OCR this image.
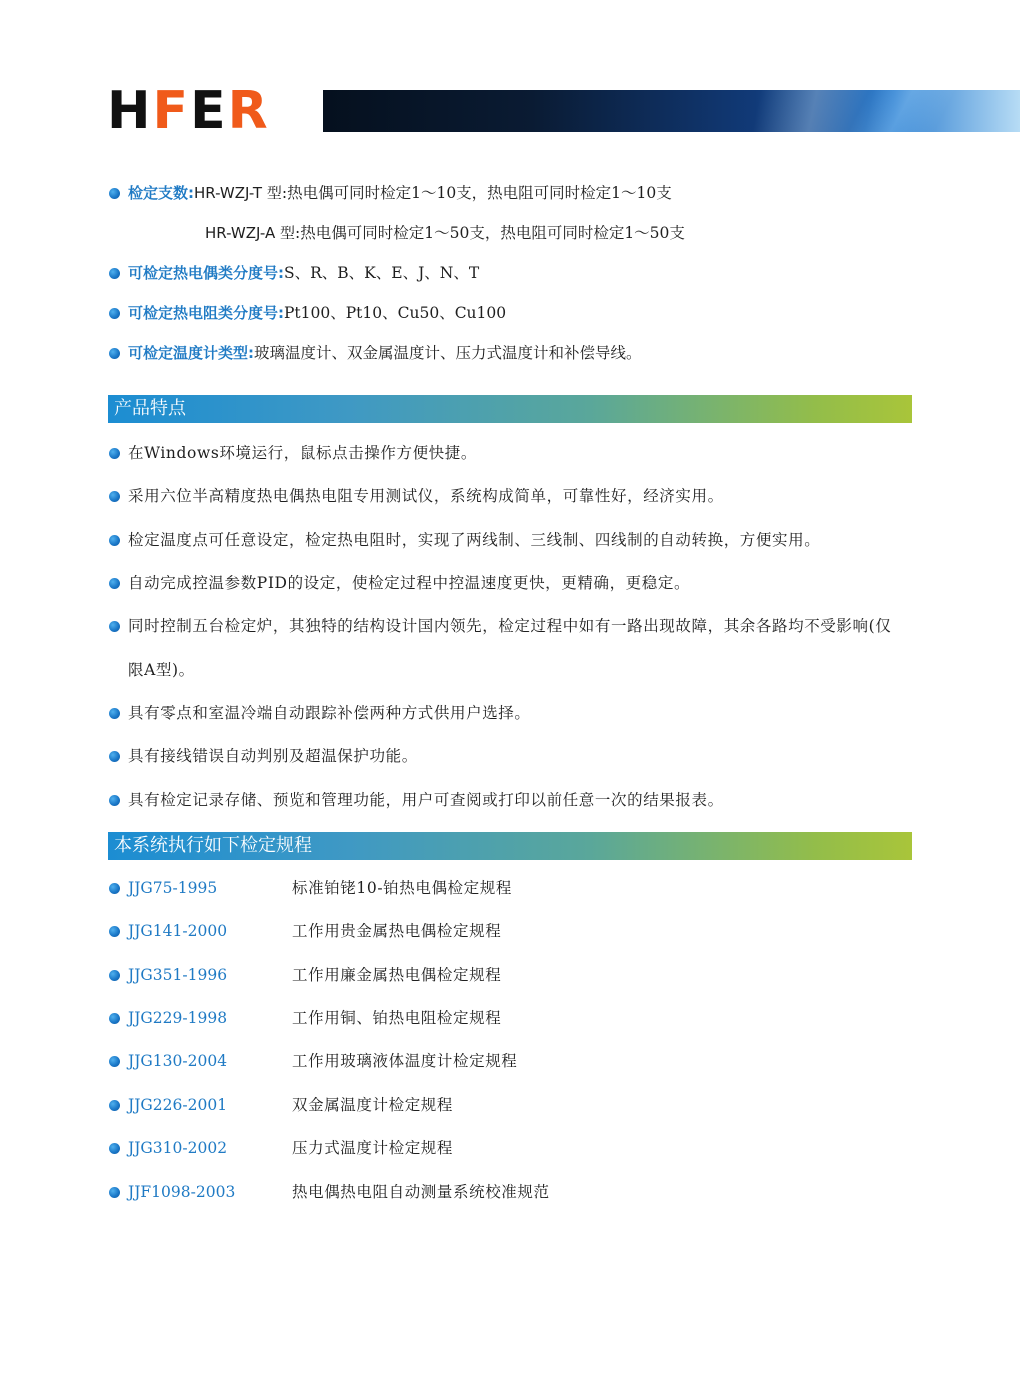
H F E R
检定支数:HR-WZJ-T 型:热电偶可同时检定1～10支，热电阻可同时检定1～10支
HR-WZJ-A 型:热电偶可同时检定1～50支，热电阻可同时检定1～50支
可检定热电偶类分度号:S、R、B、K、E、J、N、T
可检定热电阻类分度号:Pt100、Pt10、Cu50、Cu100
可检定温度计类型:玻璃温度计、双金属温度计、压力式温度计和补偿导线。
产品特点
在Windows环境运行，鼠标点击操作方便快捷。
采用六位半高精度热电偶热电阻专用测试仪，系统构成简单，可靠性好，经济实用。
检定温度点可任意设定，检定热电阻时，实现了两线制、三线制、四线制的自动转换，方便实用。
自动完成控温参数PID的设定，使检定过程中控温速度更快，更精确，更稳定。
同时控制五台检定炉，其独特的结构设计国内领先，检定过程中如有一路出现故障，其余各路均不受影响(仅
限A型)。
具有零点和室温冷端自动跟踪补偿两种方式供用户选择。
具有接线错误自动判别及超温保护功能。
具有检定记录存储、预览和管理功能，用户可查阅或打印以前任意一次的结果报表。
本系统执行如下检定规程
JJG75-1995	标准铂铑10-铂热电偶检定规程
JJG141-2000	工作用贵金属热电偶检定规程
JJG351-1996	工作用廉金属热电偶检定规程
JJG229-1998	工作用铜、铂热电阻检定规程
JJG130-2004	工作用玻璃液体温度计检定规程
JJG226-2001	双金属温度计检定规程
JJG310-2002	压力式温度计检定规程
JJF1098-2003	热电偶热电阻自动测量系统校准规范
